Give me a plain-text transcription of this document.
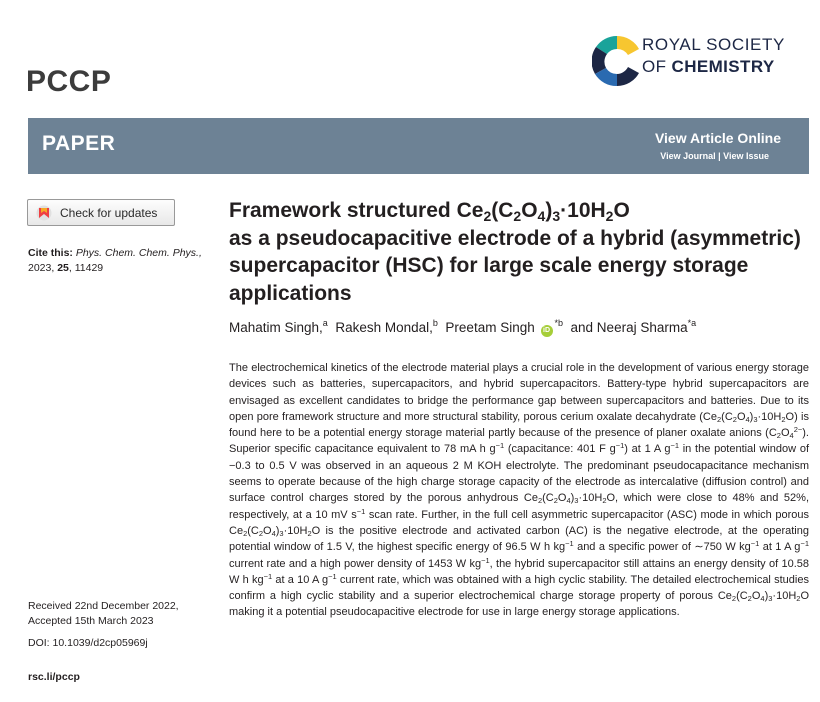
PCCP
ROYAL SOCIETY
OF CHEMISTRY
PAPER	View Article Online
View Journal | View Issue
Check for updates
Cite this: Phys. Chem. Chem. Phys., 2023, 25, 11429
Framework structured $Ce_2(C_2O_4)_3\cdot 10H_2O$
as a pseudocapacitive electrode of a hybrid (asymmetric) supercapacitor (HSC) for large scale energy storage applications
Mahatim Singh,$^a$ Rakesh Mondal,$^b$ Preetam Singh $iD^{*b}$ and Neeraj Sharma$^{*a}$

The electrochemical kinetics of the electrode material plays a crucial role in the development of various energy storage devices such as batteries, supercapacitors, and hybrid supercapacitors. Battery-type hybrid supercapacitors are envisaged as excellent candidates to bridge the performance gap between supercapacitors and batteries. Due to its open pore framework structure and more structural stability, porous cerium oxalate decahydrate $(Ce_2(C_2O_4)_3\cdot 10H_2O)$ is found here to be a potential energy storage material partly because of the presence of planer oxalate anions $(C_2O_4^{2-})$. Superior specific capacitance equivalent to 78 mA h $g^{-1}$ (capacitance: 401 F $g^{-1}$) at 1 A $g^{-1}$ in the potential window of −0.3 to 0.5 V was observed in an aqueous 2 M KOH electrolyte. The predominant pseudocapacitance mechanism seems to operate because of the high charge storage capacity of the electrode as intercalative (diffusion control) and surface control charges stored by the porous anhydrous $Ce_2(C_2O_4)_3\cdot 10H_2O$, which were close to 48% and 52%, respectively, at a 10 mV $s^{-1}$ scan rate. Further, in the full cell asymmetric supercapacitor (ASC) mode in which porous $Ce_2(C_2O_4)_3\cdot 10H_2O$ is the positive electrode and activated carbon (AC) is the negative electrode, at the operating potential window of 1.5 V, the highest specific energy of 96.5 W h $kg^{-1}$ and a specific power of ∼750 W $kg^{-1}$ at 1 A $g^{-1}$ current rate and a high power density of 1453 W $kg^{-1}$, the hybrid supercapacitor still attains an energy density of 10.58 W h $kg^{-1}$ at a 10 A $g^{-1}$ current rate, which was obtained with a high cyclic stability. The detailed electrochemical studies confirm a high cyclic stability and a superior electrochemical charge storage property of porous $Ce_2(C_2O_4)_3\cdot 10H_2O$ making it a potential pseudocapacitive electrode for use in large energy storage applications.

Received 22nd December 2022,
Accepted 15th March 2023
DOI: 10.1039/d2cp05969j
rsc.li/pccp
